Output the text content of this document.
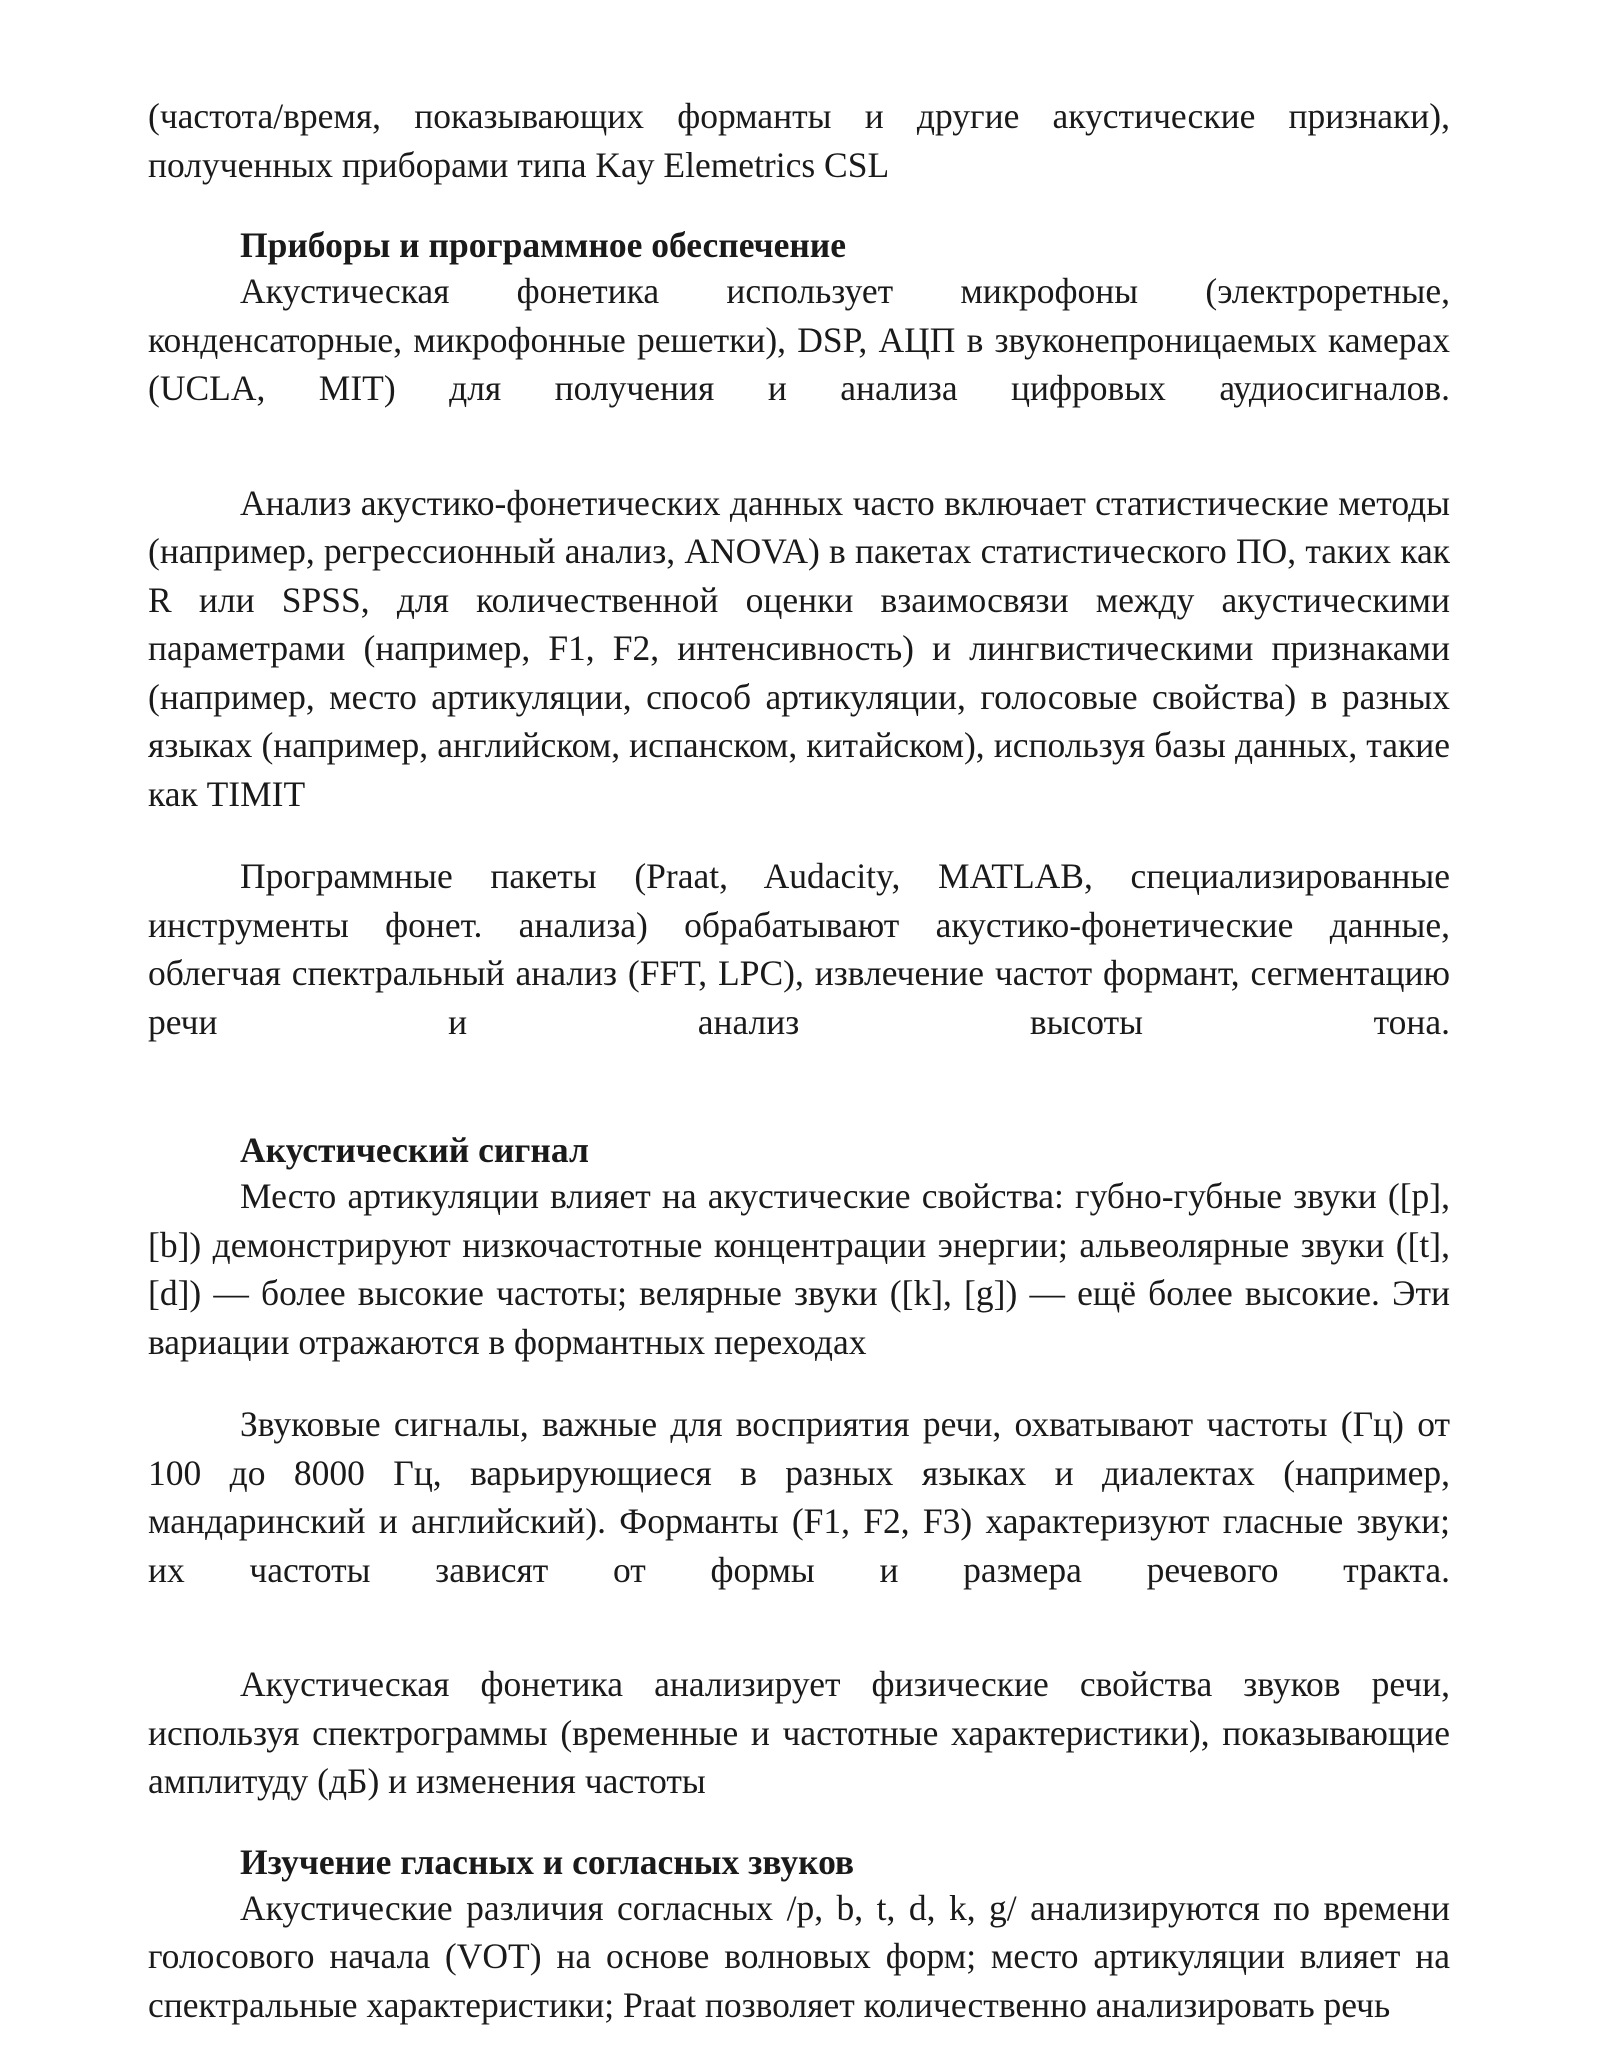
(частота/время, показывающих форманты и другие акустические признаки), полученных приборами типа Kay Elemetrics CSL

Приборы и программное обеспечение

Акустическая фонетика использует микрофоны (электроретные, конденсаторные, микрофонные решетки), DSP, АЦП в звуконепроницаемых камерах (UCLA, MIT) для получения и анализа цифровых аудиосигналов.

Анализ акустико-фонетических данных часто включает статистические методы (например, регрессионный анализ, ANOVA) в пакетах статистического ПО, таких как R или SPSS, для количественной оценки взаимосвязи между акустическими параметрами (например, F1, F2, интенсивность) и лингвистическими признаками (например, место артикуляции, способ артикуляции, голосовые свойства) в разных языках (например, английском, испанском, китайском), используя базы данных, такие как TIMIT

Программные пакеты (Praat, Audacity, MATLAB, специализированные инструменты фонет. анализа) обрабатывают акустико-фонетические данные, облегчая спектральный анализ (FFT, LPC), извлечение частот формант, сегментацию речи и анализ высоты тона.

Акустический сигнал

Место артикуляции влияет на акустические свойства: губно-губные звуки ([p], [b]) демонстрируют низкочастотные концентрации энергии; альвеолярные звуки ([t], [d]) — более высокие частоты; велярные звуки ([k], [g]) — ещё более высокие. Эти вариации отражаются в формантных переходах

Звуковые сигналы, важные для восприятия речи, охватывают частоты (Гц) от 100 до 8000 Гц, варьирующиеся в разных языках и диалектах (например, мандаринский и английский). Форманты (F1, F2, F3) характеризуют гласные звуки; их частоты зависят от формы и размера речевого тракта.

Акустическая фонетика анализирует физические свойства звуков речи, используя спектрограммы (временные и частотные характеристики), показывающие амплитуду (дБ) и изменения частоты

Изучение гласных и согласных звуков

Акустические различия согласных /p, b, t, d, k, g/ анализируются по времени голосового начала (VOT) на основе волновых форм; место артикуляции влияет на спектральные характеристики; Praat позволяет количественно анализировать речь
